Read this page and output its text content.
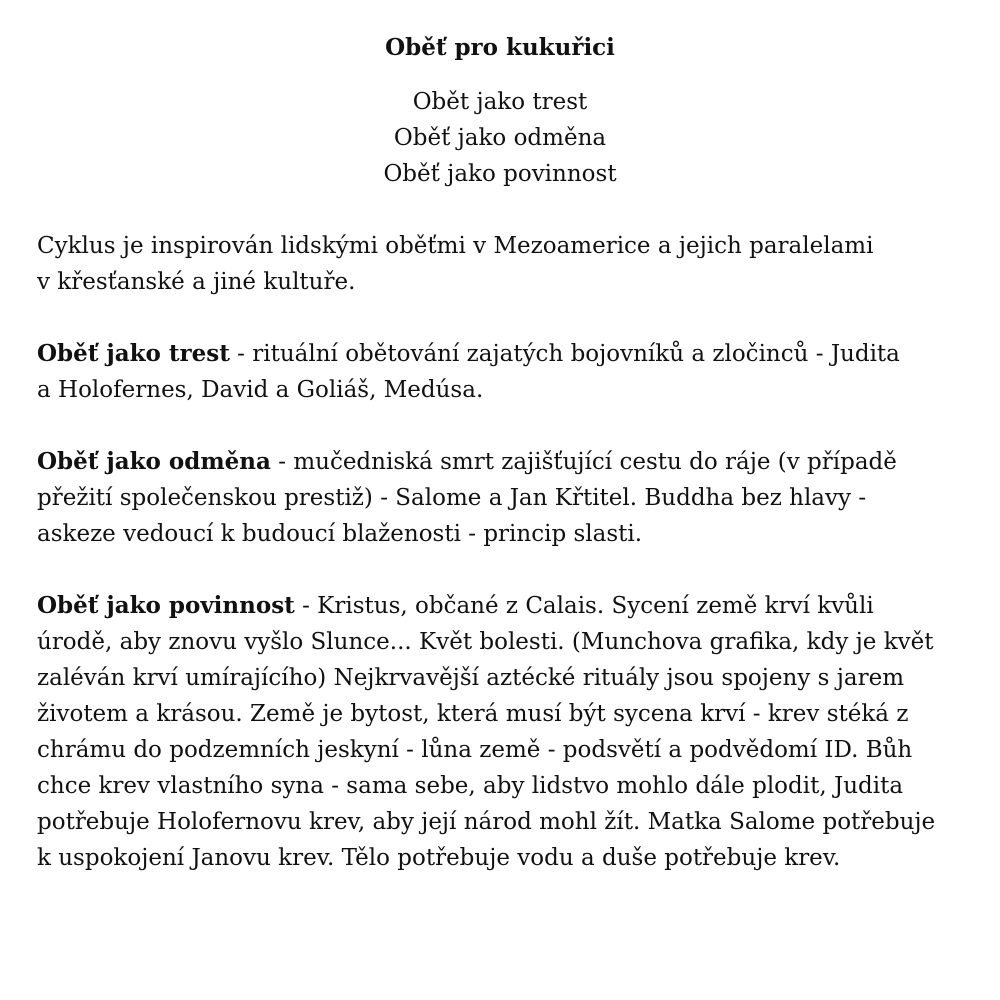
Oběť pro kukuřici
Obět jako trest
Oběť jako odměna
Oběť jako povinnost

Cyklus je inspirován lidskými oběťmi v Mezoamerice a jejich paralelami
v křesťanské a jiné kultuře.

Oběť jako trest - rituální obětování zajatých bojovníků a zločinců - Judita
a Holofernes, David a Goliáš, Medúsa.

Oběť jako odměna - mučedniská smrt zajišťující cestu do ráje (v případě
přežití společenskou prestiž) - Salome a Jan Křtitel. Buddha bez hlavy -
askeze vedoucí k budoucí blaženosti - princip slasti.

Oběť jako povinnost - Kristus, občané z Calais. Sycení země krví kvůli
úrodě, aby znovu vyšlo Slunce... Květ bolesti. (Munchova grafika, kdy je květ
zaléván krví umírajícího) Nejkrvavější aztécké rituály jsou spojeny s jarem
životem a krásou. Země je bytost, která musí být sycena krví - krev stéká z
chrámu do podzemních jeskyní - lůna země - podsvětí a podvědomí ID. Bůh
chce krev vlastního syna - sama sebe, aby lidstvo mohlo dále plodit, Judita
potřebuje Holofernovu krev, aby její národ mohl žít. Matka Salome potřebuje
k uspokojení Janovu krev. Tělo potřebuje vodu a duše potřebuje krev.
